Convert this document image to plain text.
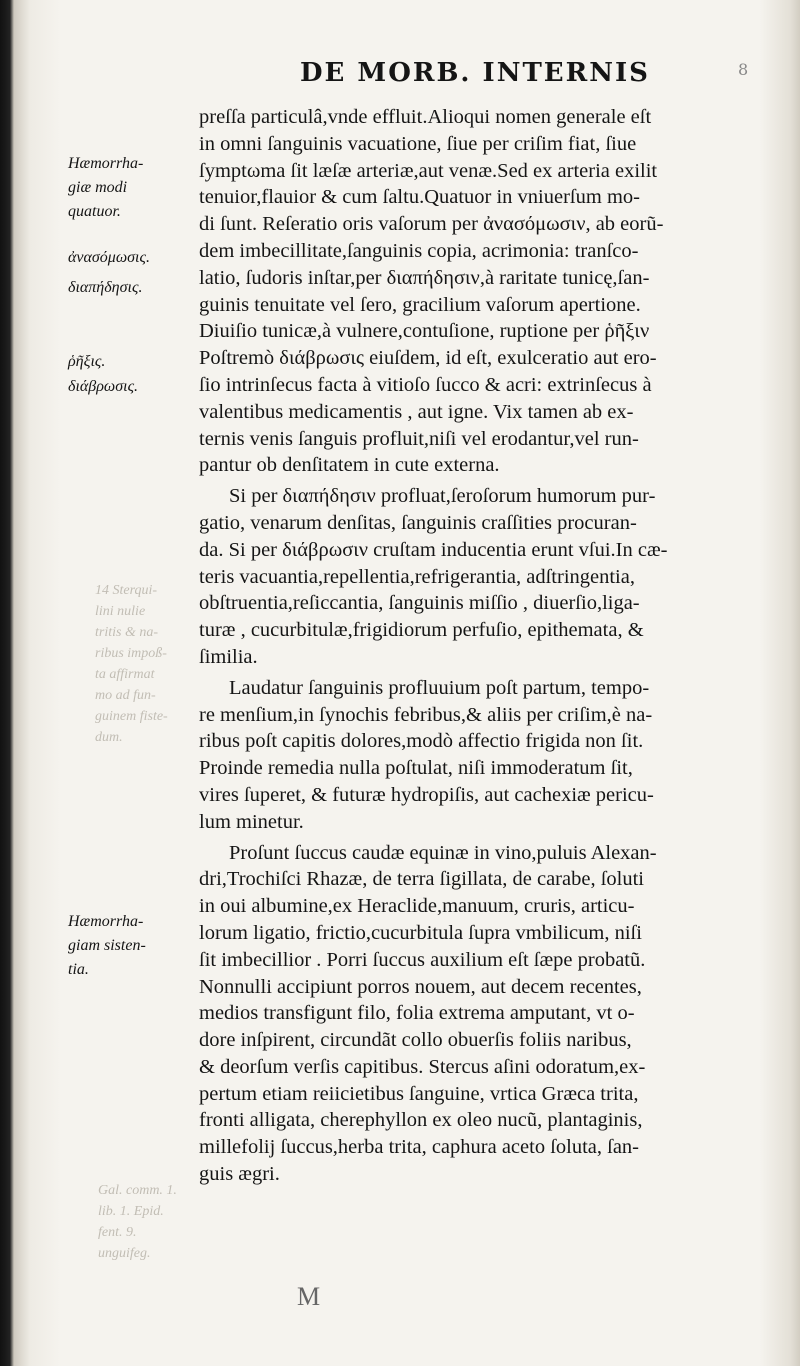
DE MORB. INTERNIS	8
Hæmorrha-
giæ modi
quatuor.
ἀνασόμωσις.
διαπήδησις.
ῥῆξις.
διάβρωσις.
Hæmorrha-
giam sisten-
tia.
14 Sterqui-
lini nulie
tritis & na-
ribus impoß-
ta affirmat
mo ad fun-
guinem fiste-
dum.
Gal. comm. 1.
lib. 1. Epid.
fent. 9.
unguifeg.
preſſa particulâ,vnde effluit.Alioqui nomen generale eſt
in omni ſanguinis vacuatione, ſiue per criſim fiat, ſiue
ſymptωma ſit læſæ arteriæ,aut venæ.Sed ex arteria exilit
tenuior,flauior & cum ſaltu.Quatuor in vniuerſum mo-
di ſunt. Reſeratio oris vaſorum per ἀνασόμωσιν, ab eorũ-
dem imbecillitate,ſanguinis copia, acrimonia: tranſco-
latio, ſudoris inſtar,per διαπήδησιν,à raritate tunicę,ſan-
guinis tenuitate vel ſero, gracilium vaſorum apertione.
Diuiſio tunicæ,à vulnere,contuſione, ruptione per ῥῆξιν
Poſtremò διάβρωσις eiuſdem, id eſt, exulceratio aut ero-
ſio intrinſecus facta à vitioſo ſucco & acri: extrinſecus à
valentibus medicamentis , aut igne. Vix tamen ab ex-
ternis venis ſanguis profluit,niſi vel erodantur,vel run-
pantur ob denſitatem in cute externa.
Si per διαπήδησιν profluat,ſeroſorum humorum pur-
gatio, venarum denſitas, ſanguinis craſſities procuran-
da. Si per διάβρωσιν cruſtam inducentia erunt vſui.In cæ-
teris vacuantia,repellentia,refrigerantia, adſtringentia,
obſtruentia,reſiccantia, ſanguinis miſſio , diuerſio,liga-
turæ , cucurbitulæ,frigidiorum perfuſio, epithemata, &
ſimilia.
Laudatur ſanguinis profluuium poſt partum, tempo-
re menſium,in ſynochis febribus,& aliis per criſim,è na-
ribus poſt capitis dolores,modò affectio frigida non ſit.
Proinde remedia nulla poſtulat, niſi immoderatum ſit,
vires ſuperet, & futuræ hydropiſis, aut cachexiæ pericu-
lum minetur.
Proſunt ſuccus caudæ equinæ in vino,puluis Alexan-
dri,Trochiſci Rhazæ, de terra ſigillata, de carabe, ſoluti
in oui albumine,ex Heraclide,manuum, cruris, articu-
lorum ligatio, frictio,cucurbitula ſupra vmbilicum, niſi
ſit imbecillior . Porri ſuccus auxilium eſt ſæpe probatũ.
Nonnulli accipiunt porros nouem, aut decem recentes,
medios transfigunt filo, folia extrema amputant, vt o-
dore inſpirent, circundãt collo obuerſis foliis naribus,
& deorſum verſis capitibus. Stercus aſini odoratum,ex-
pertum etiam reiicietibus ſanguine, vrtica Græca trita,
fronti alligata, cherephyllon ex oleo nucũ, plantaginis,
millefolij ſuccus,herba trita, caphura aceto ſoluta, ſan-
guis ægri.
M
